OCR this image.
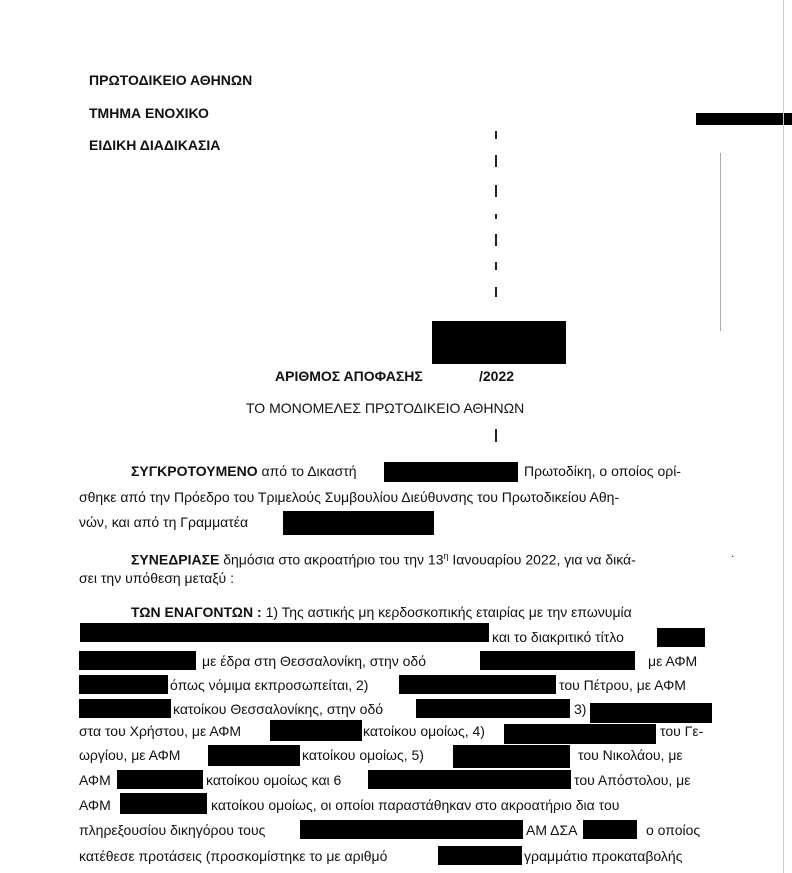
ΠΡΩΤΟΔΙΚΕΙΟ ΑΘΗΝΩΝ
ΤΜΗΜΑ ΕΝΟΧΙΚΟ
ΕΙΔΙΚΗ ΔΙΑΔΙΚΑΣΙΑ
ΑΡΙΘΜΟΣ ΑΠΟΦΑΣΗΣ	/2022
ΤΟ ΜΟΝΟΜΕΛΕΣ ΠΡΩΤΟΔΙΚΕΙΟ ΑΘΗΝΩΝ
ΣΥΓΚΡΟΤΟΥΜΕΝΟ από το Δικαστή	Πρωτοδίκη, ο οποίος ορί-
σθηκε από την Πρόεδρο του Τριμελούς Συμβουλίου Διεύθυνσης του Πρωτοδικείου Αθη-
νών, και από τη Γραμματέα
ΣΥΝΕΔΡΙΑΣΕ δημόσια στο ακροατήριο του την $13^\eta$ Ιανουαρίου 2022, για να δικά-
σει την υπόθεση μεταξύ :
·
ΤΩΝ ΕΝΑΓΟΝΤΩΝ : 1) Της αστικής μη κερδοσκοπικής εταιρίας με την επωνυμία
και το διακριτικό τίτλο
με έδρα στη Θεσσαλονίκη, στην οδό	με ΑΦΜ
όπως νόμιμα εκπροσωπείται, 2)	του Πέτρου, με ΑΦΜ
κατοίκου Θεσσαλονίκης, στην οδό	3)
στα του Χρήστου, με ΑΦΜ	κατοίκου ομοίως, 4)	του Γε-
ωργίου, με ΑΦΜ	κατοίκου ομοίως, 5)	του Νικολάου, με
ΑΦΜ	κατοίκου ομοίως και 6	του Απόστολου, με
ΑΦΜ	κατοίκου ομοίως, οι οποίοι παραστάθηκαν στο ακροατήριο δια του
πληρεξουσίου δικηγόρου τους	ΑΜ ΔΣΑ	ο οποίος
κατέθεσε προτάσεις (προσκομίστηκε το με αριθμό	γραμμάτιο προκαταβολής
